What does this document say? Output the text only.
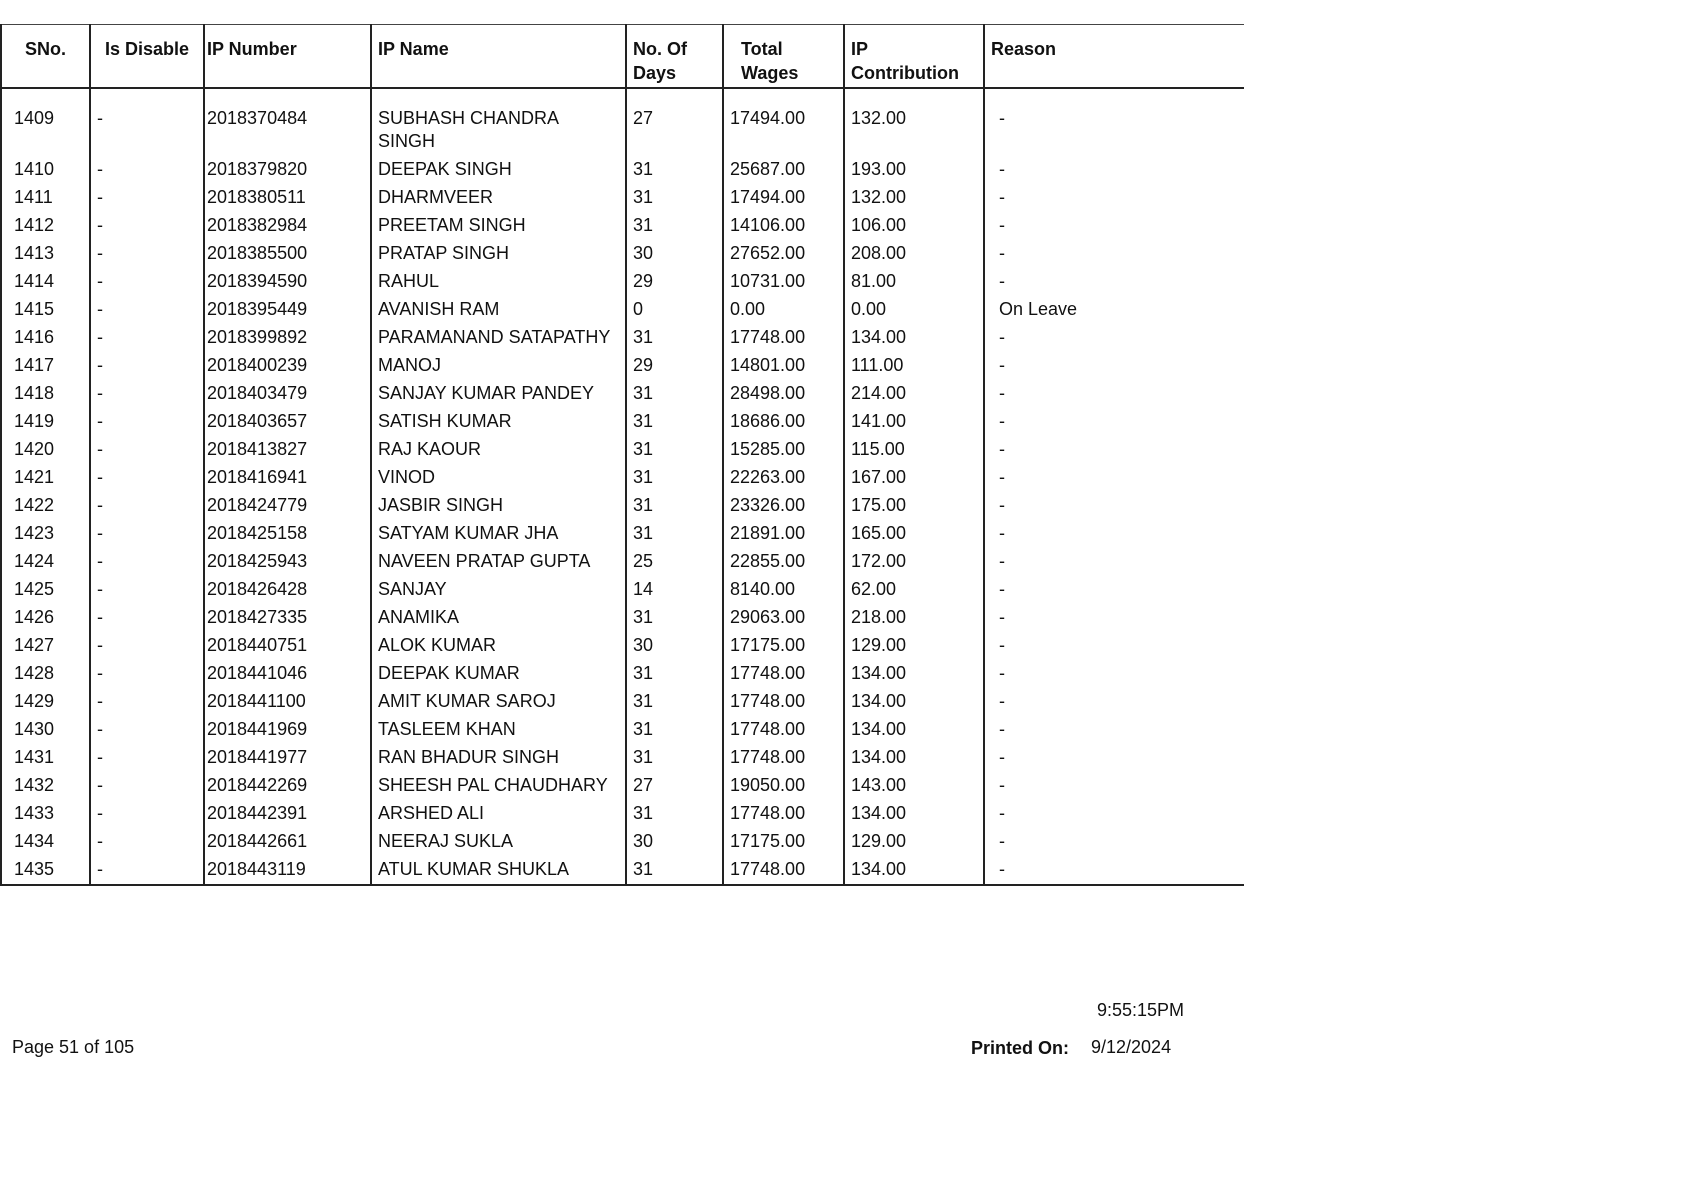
SNo.	Is Disable	IP Number	IP Name	No. Of Days	Total Wages	IP Contribution	Reason
1409	-	2018370484	SUBHASH CHANDRA SINGH	27	17494.00	132.00	-
1410	-	2018379820	DEEPAK SINGH	31	25687.00	193.00	-
1411	-	2018380511	DHARMVEER	31	17494.00	132.00	-
1412	-	2018382984	PREETAM SINGH	31	14106.00	106.00	-
1413	-	2018385500	PRATAP SINGH	30	27652.00	208.00	-
1414	-	2018394590	RAHUL	29	10731.00	81.00	-
1415	-	2018395449	AVANISH RAM	0	0.00	0.00	On Leave
1416	-	2018399892	PARAMANAND SATAPATHY	31	17748.00	134.00	-
1417	-	2018400239	MANOJ	29	14801.00	111.00	-
1418	-	2018403479	SANJAY KUMAR PANDEY	31	28498.00	214.00	-
1419	-	2018403657	SATISH KUMAR	31	18686.00	141.00	-
1420	-	2018413827	RAJ KAOUR	31	15285.00	115.00	-
1421	-	2018416941	VINOD	31	22263.00	167.00	-
1422	-	2018424779	JASBIR SINGH	31	23326.00	175.00	-
1423	-	2018425158	SATYAM KUMAR JHA	31	21891.00	165.00	-
1424	-	2018425943	NAVEEN PRATAP GUPTA	25	22855.00	172.00	-
1425	-	2018426428	SANJAY	14	8140.00	62.00	-
1426	-	2018427335	ANAMIKA	31	29063.00	218.00	-
1427	-	2018440751	ALOK KUMAR	30	17175.00	129.00	-
1428	-	2018441046	DEEPAK KUMAR	31	17748.00	134.00	-
1429	-	2018441100	AMIT KUMAR SAROJ	31	17748.00	134.00	-
1430	-	2018441969	TASLEEM KHAN	31	17748.00	134.00	-
1431	-	2018441977	RAN BHADUR SINGH	31	17748.00	134.00	-
1432	-	2018442269	SHEESH PAL CHAUDHARY	27	19050.00	143.00	-
1433	-	2018442391	ARSHED ALI	31	17748.00	134.00	-
1434	-	2018442661	NEERAJ SUKLA	30	17175.00	129.00	-
1435	-	2018443119	ATUL KUMAR SHUKLA	31	17748.00	134.00	-
9:55:15PM
Page 51 of 105	Printed On: 9/12/2024
